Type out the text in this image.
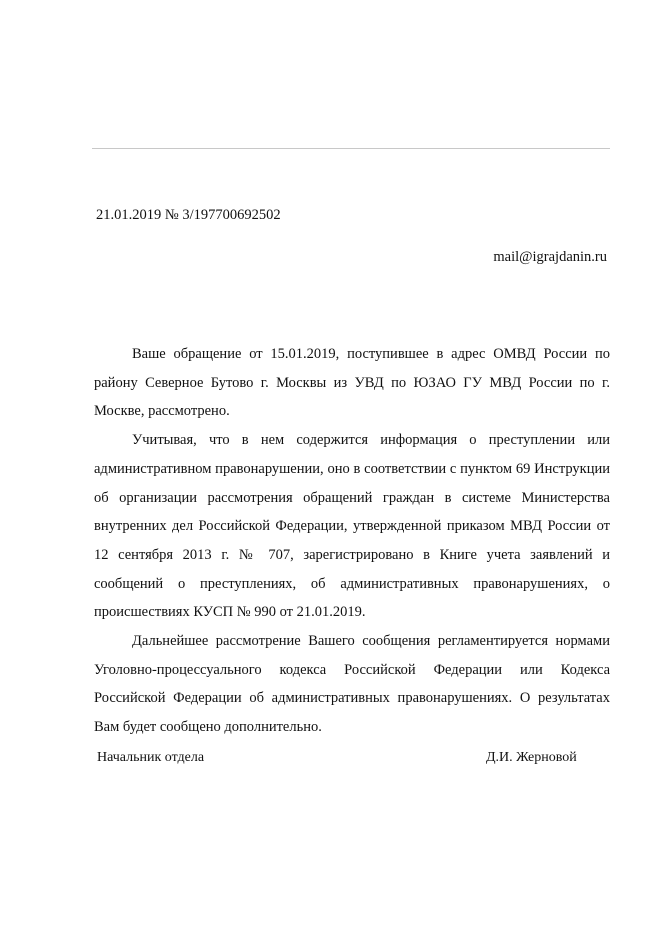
21.01.2019 № 3/197700692502
mail@igrajdanin.ru

Ваше обращение от 15.01.2019, поступившее в адрес ОМВД России по району Северное Бутово г. Москвы из УВД по ЮЗАО ГУ МВД России по г. Москве, рассмотрено.

Учитывая, что в нем содержится информация о преступлении или административном правонарушении, оно в соответствии с пунктом 69 Инструкции об организации рассмотрения обращений граждан в системе Министерства внутренних дел Российской Федерации, утвержденной приказом МВД России от 12 сентября 2013 г. № 707, зарегистрировано в Книге учета заявлений и сообщений о преступлениях, об административных правонарушениях, о происшествиях КУСП № 990 от 21.01.2019.

Дальнейшее рассмотрение Вашего сообщения регламентируется нормами Уголовно-процессуального кодекса Российской Федерации или Кодекса Российской Федерации об административных правонарушениях. О результатах Вам будет сообщено дополнительно.

Начальник отдела	Д.И. Жерновой
